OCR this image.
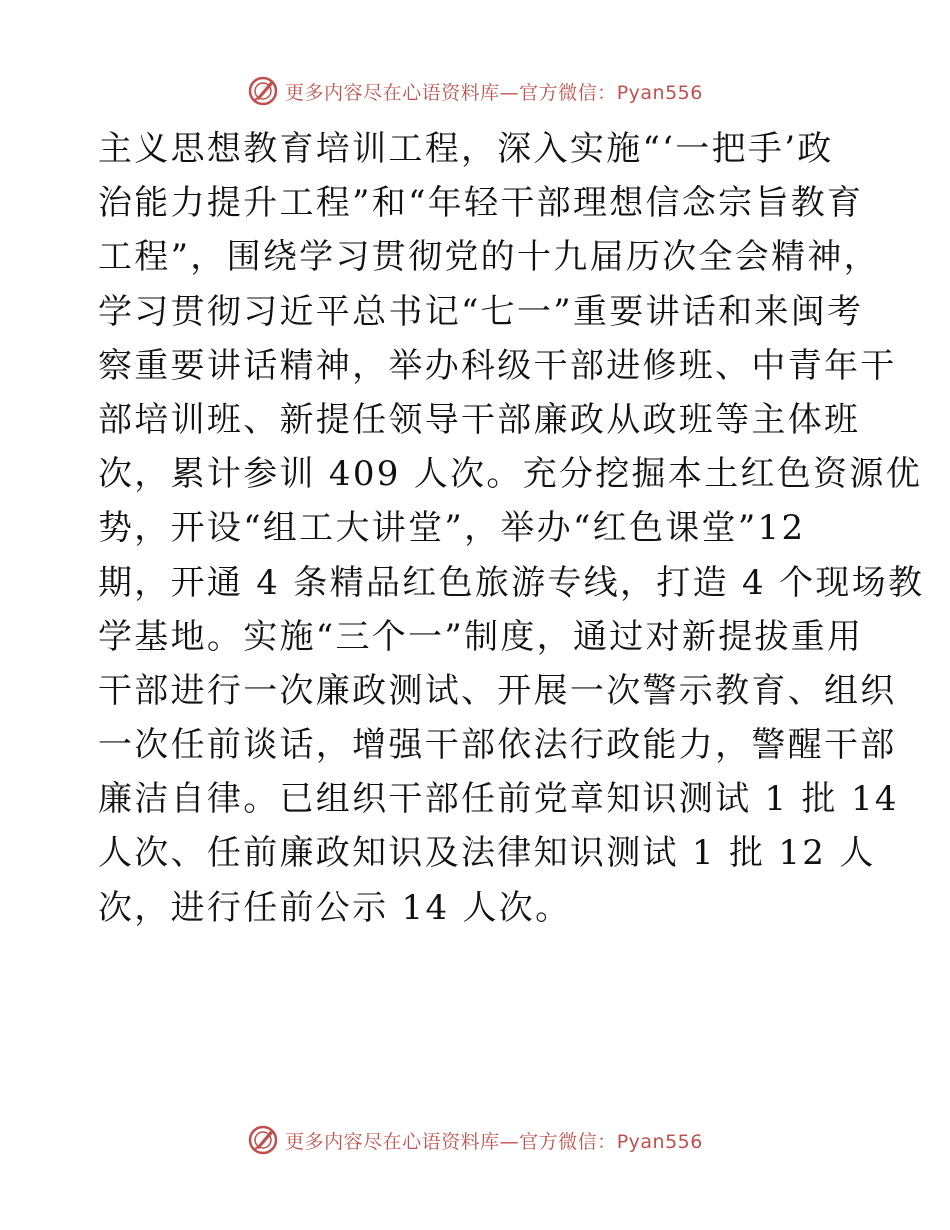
更多内容尽在心语资料库—官方微信：Pyan556
主义思想教育培训工程，深入实施“‘一把手’政
治能力提升工程”和“年轻干部理想信念宗旨教育
工程”，围绕学习贯彻党的十九届历次全会精神，
学习贯彻习近平总书记“七一”重要讲话和来闽考
察重要讲话精神，举办科级干部进修班、中青年干
部培训班、新提任领导干部廉政从政班等主体班
次，累计参训 409 人次。充分挖掘本土红色资源优
势，开设“组工大讲堂”，举办“红色课堂”12
期，开通 4 条精品红色旅游专线，打造 4 个现场教
学基地。实施“三个一”制度，通过对新提拔重用
干部进行一次廉政测试、开展一次警示教育、组织
一次任前谈话，增强干部依法行政能力，警醒干部
廉洁自律。已组织干部任前党章知识测试 1 批 14
人次、任前廉政知识及法律知识测试 1 批 12 人
次，进行任前公示 14 人次。
更多内容尽在心语资料库—官方微信：Pyan556
